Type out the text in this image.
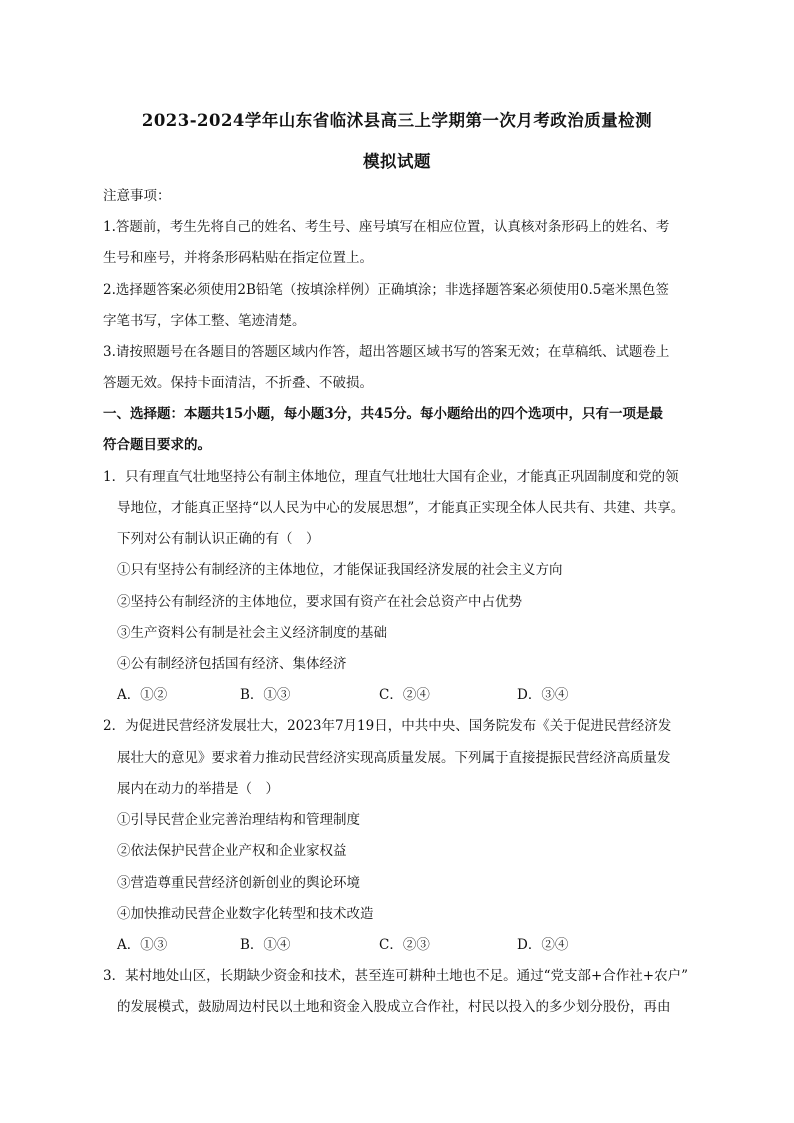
2023-2024学年山东省临沭县高三上学期第一次月考政治质量检测
模拟试题
注意事项：
1.答题前，考生先将自己的姓名、考生号、座号填写在相应位置，认真核对条形码上的姓名、考
生号和座号，并将条形码粘贴在指定位置上。
2.选择题答案必须使用2B铅笔（按填涂样例）正确填涂；非选择题答案必须使用0.5毫米黑色签
字笔书写，字体工整、笔迹清楚。
3.请按照题号在各题目的答题区域内作答，超出答题区域书写的答案无效；在草稿纸、试题卷上
答题无效。保持卡面清洁，不折叠、不破损。
一、选择题：本题共15小题，每小题3分，共45分。每小题给出的四个选项中，只有一项是最
符合题目要求的。
1．只有理直气壮地坚持公有制主体地位，理直气壮地壮大国有企业，才能真正巩固制度和党的领
导地位，才能真正坚持“以人民为中心的发展思想”，才能真正实现全体人民共有、共建、共享。
下列对公有制认识正确的有（　）
①只有坚持公有制经济的主体地位，才能保证我国经济发展的社会主义方向
②坚持公有制经济的主体地位，要求国有资产在社会总资产中占优势
③生产资料公有制是社会主义经济制度的基础
④公有制经济包括国有经济、集体经济
A．①②	B．①③	C．②④	D．③④
2．为促进民营经济发展壮大，2023年7月19日，中共中央、国务院发布《关于促进民营经济发
展壮大的意见》要求着力推动民营经济实现高质量发展。下列属于直接提振民营经济高质量发
展内在动力的举措是（　）
①引导民营企业完善治理结构和管理制度
②依法保护民营企业产权和企业家权益
③营造尊重民营经济创新创业的舆论环境
④加快推动民营企业数字化转型和技术改造
A．①③	B．①④	C．②③	D．②④
3．某村地处山区，长期缺少资金和技术，甚至连可耕种土地也不足。通过“党支部+合作社+农户”
的发展模式，鼓励周边村民以土地和资金入股成立合作社，村民以投入的多少划分股份，再由
